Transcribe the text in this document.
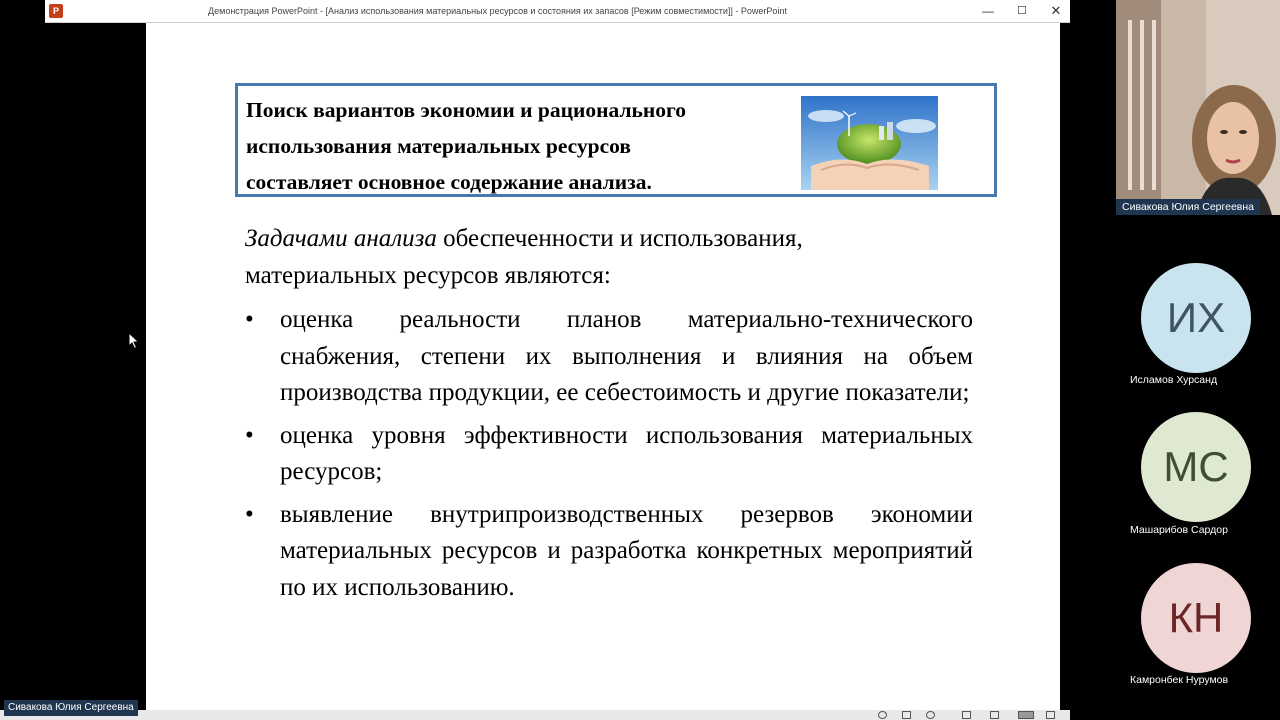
P	Демонстрация PowerPoint - [Анализ использования материальных ресурсов и состояния их запасов [Режим совместимости]] - PowerPoint	—	☐	✕
Поиск вариантов экономии и рационального
использования материальных ресурсов
составляет основное содержание анализа.

Задачами анализа обеспеченности и использования,
материальных ресурсов являются:

• оценка реальности планов материально-технического снабжения, степени их выполнения и влияния на объем производства продукции, ее себестоимость и другие показатели;
• оценка уровня эффективности использования материальных ресурсов;
• выявление внутрипроизводственных резервов экономии материальных ресурсов и разработка конкретных мероприятий по их использованию.
Сивакова Юлия Сергеевна
Сивакова Юлия Сергеевна
ИХ
Исламов Хурсанд
МС
Машарибов Сардор
КН
Камронбек Нурумов
